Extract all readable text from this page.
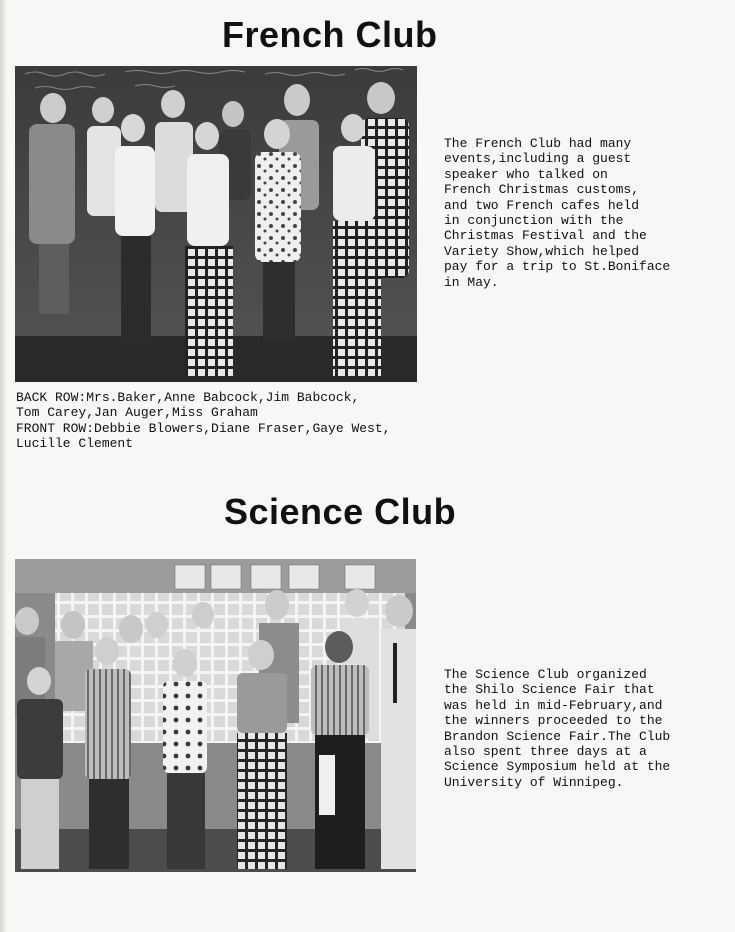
French Club
The French Club had many
events,including a guest
speaker who talked on
French Christmas customs,
and two French cafes held
in conjunction with the
Christmas Festival and the
Variety Show,which helped
pay for a trip to St.Boniface
in May.
BACK ROW:Mrs.Baker,Anne Babcock,Jim Babcock,
Tom Carey,Jan Auger,Miss Graham
FRONT ROW:Debbie Blowers,Diane Fraser,Gaye West,
Lucille Clement
Science Club
The Science Club organized
the Shilo Science Fair that
was held in mid-February,and
the winners proceeded to the
Brandon Science Fair.The Club
also spent three days at a
Science Symposium held at the
University of Winnipeg.
